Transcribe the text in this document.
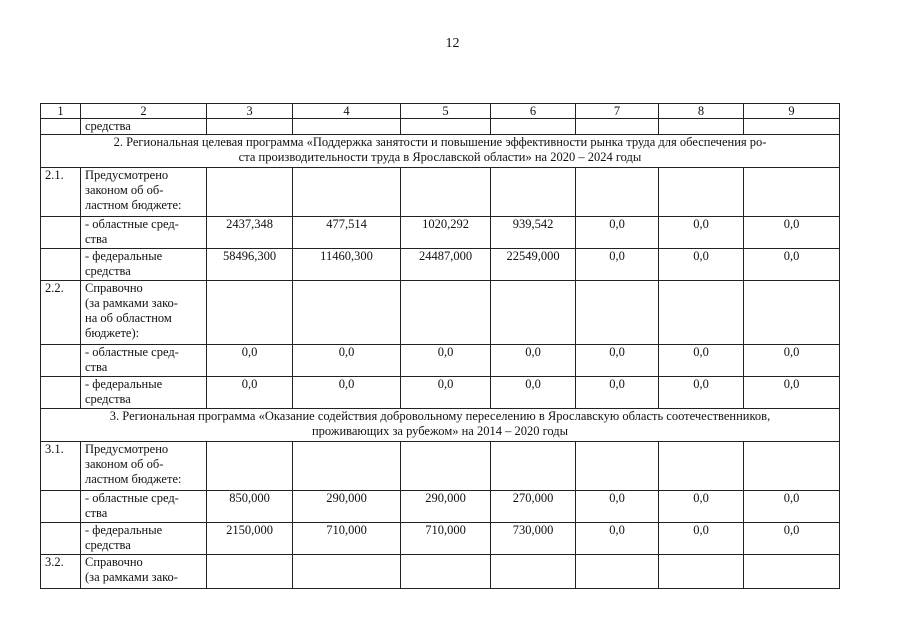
12
1	2	3	4	5	6	7	8	9
	средства							
2. Региональная целевая программа «Поддержка занятости и повышение эффективности рынка труда для обеспечения ро-
ста производительности труда в Ярославской области» на 2020 – 2024 годы								
2.1.	Предусмотрено
законом об об-
ластном бюджете:							
	- областные сред-
ства	2437,348	477,514	1020,292	939,542	0,0	0,0	0,0
	- федеральные
средства	58496,300	11460,300	24487,000	22549,000	0,0	0,0	0,0
2.2.	Справочно
(за рамками зако-
на об областном
бюджете):							
	- областные сред-
ства	0,0	0,0	0,0	0,0	0,0	0,0	0,0
	- федеральные
средства	0,0	0,0	0,0	0,0	0,0	0,0	0,0
3. Региональная программа «Оказание содействия добровольному переселению в Ярославскую область соотечественников,
проживающих за рубежом» на 2014 – 2020 годы								
3.1.	Предусмотрено
законом об об-
ластном бюджете:							
	- областные сред-
ства	850,000	290,000	290,000	270,000	0,0	0,0	0,0
	- федеральные
средства	2150,000	710,000	710,000	730,000	0,0	0,0	0,0
3.2.	Справочно
(за рамками зако-							
